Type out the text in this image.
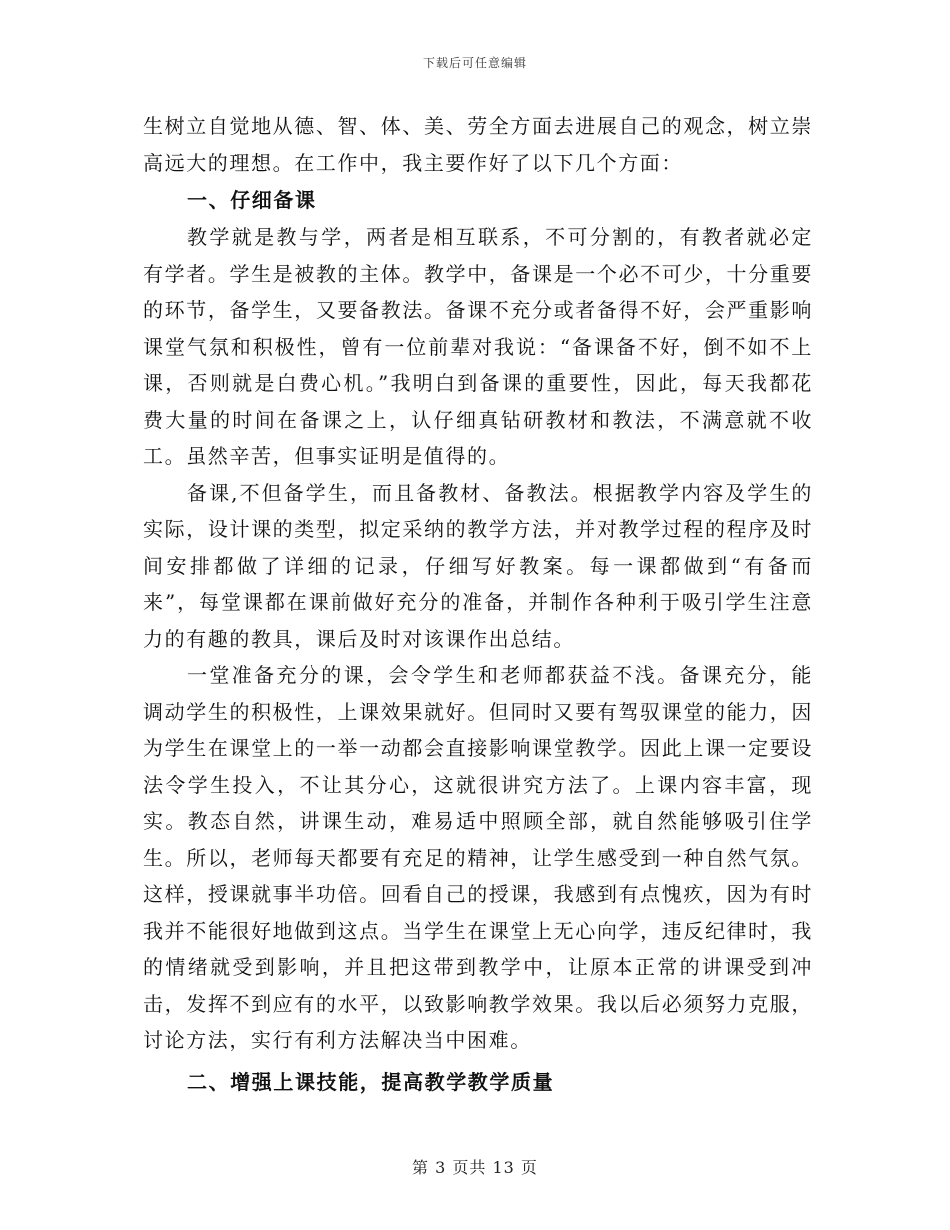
下载后可任意编辑

生树立自觉地从德、智、体、美、劳全方面去进展自己的观念，树立崇高远大的理想。在工作中，我主要作好了以下几个方面：

一、仔细备课

教学就是教与学，两者是相互联系，不可分割的，有教者就必定有学者。学生是被教的主体。教学中，备课是一个必不可少，十分重要的环节，备学生，又要备教法。备课不充分或者备得不好，会严重影响课堂气氛和积极性，曾有一位前辈对我说：“备课备不好，倒不如不上课，否则就是白费心机。”我明白到备课的重要性，因此，每天我都花费大量的时间在备课之上，认仔细真钻研教材和教法，不满意就不收工。虽然辛苦，但事实证明是值得的。

备课,不但备学生，而且备教材、备教法。根据教学内容及学生的实际，设计课的类型，拟定采纳的教学方法，并对教学过程的程序及时间安排都做了详细的记录，仔细写好教案。每一课都做到“有备而来”，每堂课都在课前做好充分的准备，并制作各种利于吸引学生注意力的有趣的教具，课后及时对该课作出总结。

一堂准备充分的课，会令学生和老师都获益不浅。备课充分，能调动学生的积极性，上课效果就好。但同时又要有驾驭课堂的能力，因为学生在课堂上的一举一动都会直接影响课堂教学。因此上课一定要设法令学生投入，不让其分心，这就很讲究方法了。上课内容丰富，现实。教态自然，讲课生动，难易适中照顾全部，就自然能够吸引住学生。所以，老师每天都要有充足的精神，让学生感受到一种自然气氛。这样，授课就事半功倍。回看自己的授课，我感到有点愧疚，因为有时我并不能很好地做到这点。当学生在课堂上无心向学，违反纪律时，我的情绪就受到影响，并且把这带到教学中，让原本正常的讲课受到冲击，发挥不到应有的水平，以致影响教学效果。我以后必须努力克服，讨论方法，实行有利方法解决当中困难。

二、增强上课技能，提高教学教学质量

第 3 页共 13 页
